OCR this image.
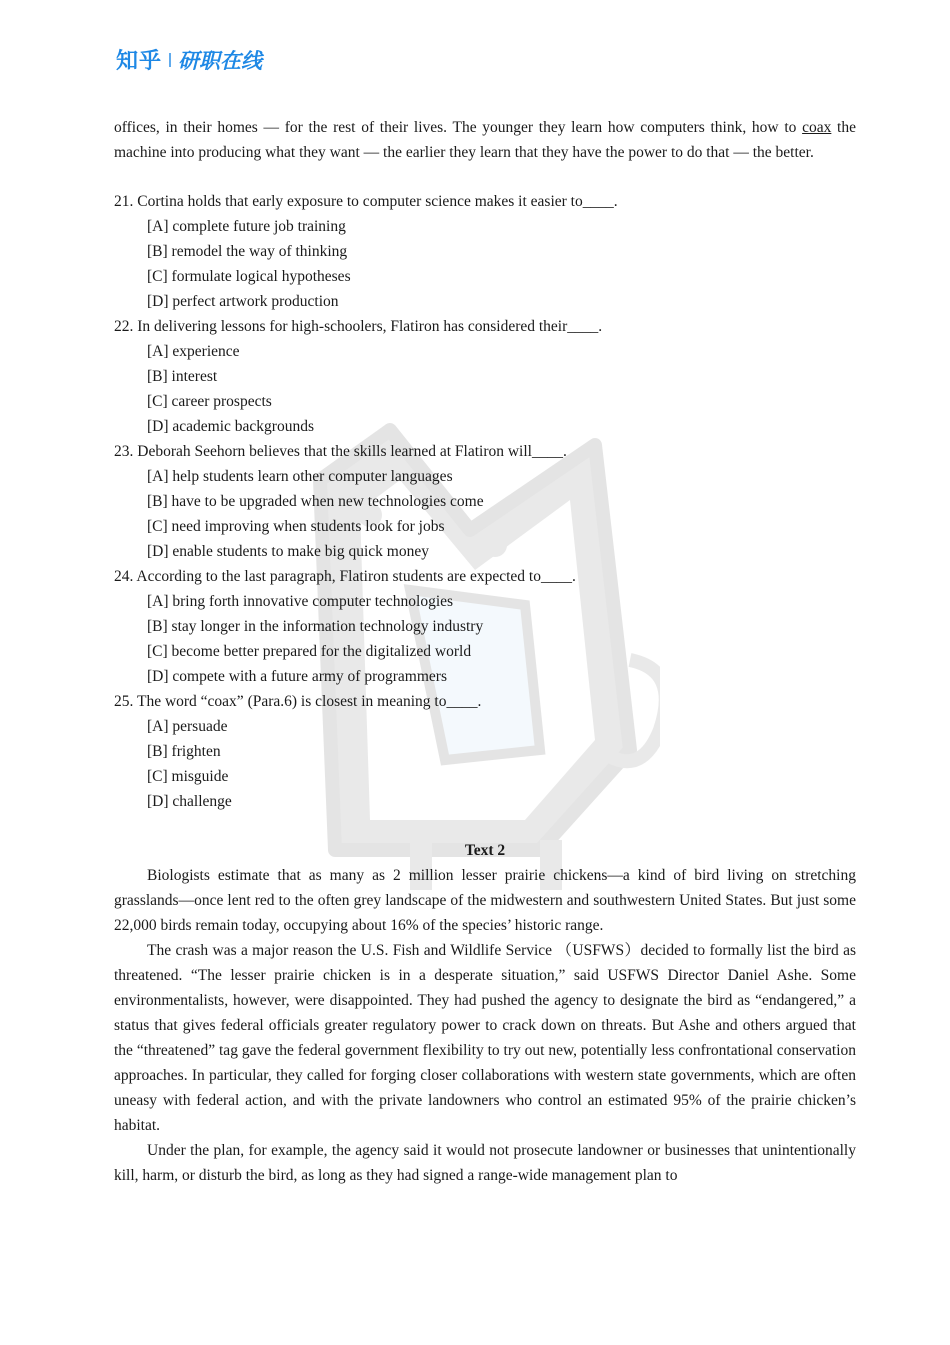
知乎 研职在线

offices, in their homes — for the rest of their lives. The younger they learn how computers think, how to coax the machine into producing what they want — the earlier they learn that they have the power to do that — the better.

21. Cortina holds that early exposure to computer science makes it easier to____.

[A] complete future job training

[B] remodel the way of thinking

[C] formulate logical hypotheses

[D] perfect artwork production

22. In delivering lessons for high-schoolers, Flatiron has considered their____.

[A] experience

[B] interest

[C] career prospects

[D] academic backgrounds

23. Deborah Seehorn believes that the skills learned at Flatiron will____.

[A] help students learn other computer languages

[B] have to be upgraded when new technologies come

[C] need improving when students look for jobs

[D] enable students to make big quick money

24. According to the last paragraph, Flatiron students are expected to____.

[A] bring forth innovative computer technologies

[B] stay longer in the information technology industry

[C] become better prepared for the digitalized world

[D] compete with a future army of programmers

25. The word “coax” (Para.6) is closest in meaning to____.

[A] persuade

[B] frighten

[C] misguide

[D] challenge

Text 2

Biologists estimate that as many as 2 million lesser prairie chickens—a kind of bird living on stretching grasslands—once lent red to the often grey landscape of the midwestern and southwestern United States. But just some 22,000 birds remain today, occupying about 16% of the species’ historic range.

The crash was a major reason the U.S. Fish and Wildlife Service （USFWS）decided to formally list the bird as threatened. “The lesser prairie chicken is in a desperate situation,” said USFWS Director Daniel Ashe. Some environmentalists, however, were disappointed. They had pushed the agency to designate the bird as “endangered,” a status that gives federal officials greater regulatory power to crack down on threats. But Ashe and others argued that the “threatened” tag gave the federal government flexibility to try out new, potentially less confrontational conservation approaches. In particular, they called for forging closer collaborations with western state governments, which are often uneasy with federal action, and with the private landowners who control an estimated 95% of the prairie chicken’s habitat.

Under the plan, for example, the agency said it would not prosecute landowner or businesses that unintentionally kill, harm, or disturb the bird, as long as they had signed a range-wide management plan to
